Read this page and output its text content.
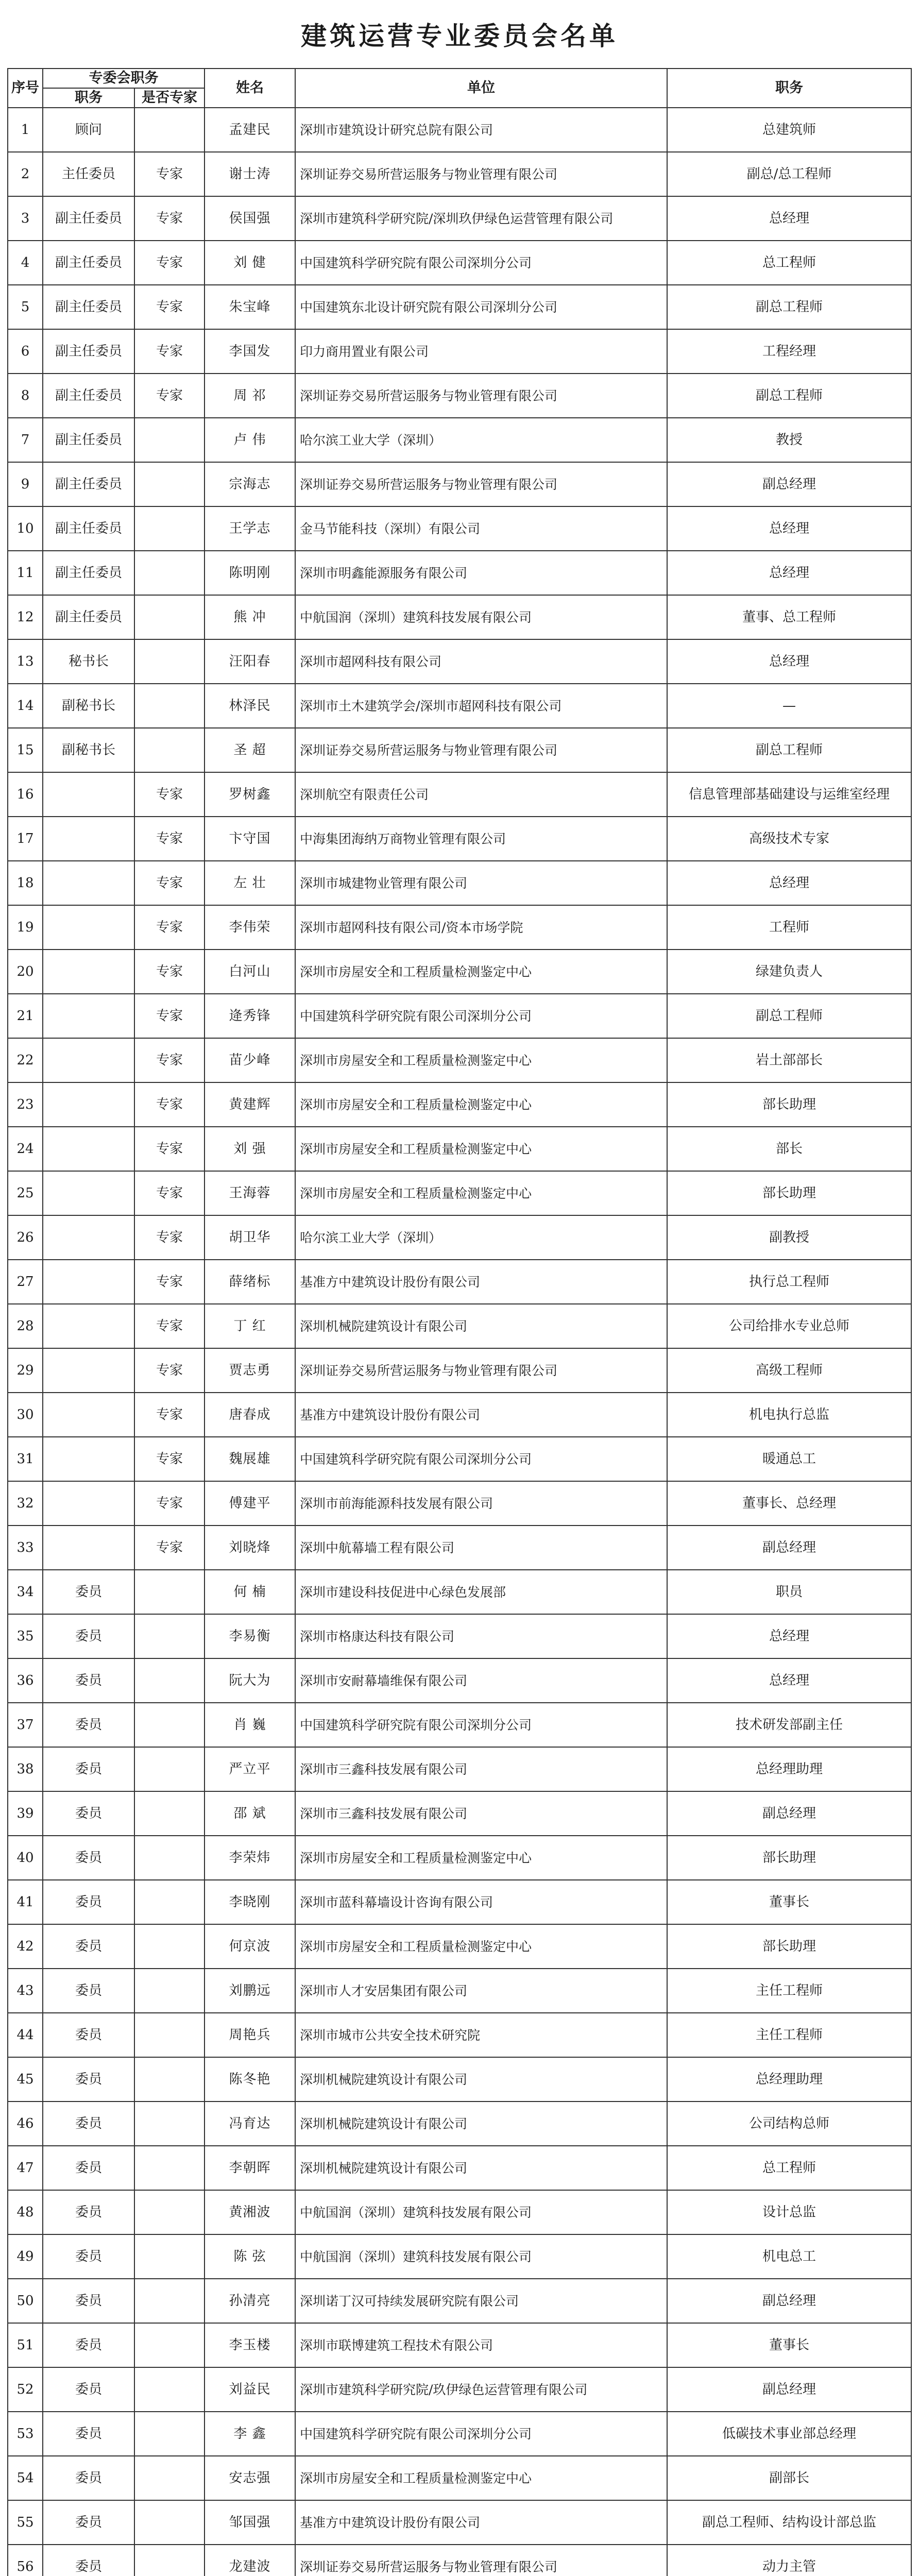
建筑运营专业委员会名单
序号	专委会职务		姓名	单位	职务
	职务	是否专家			
1	顾问		孟建民	深圳市建筑设计研究总院有限公司	总建筑师
2	主任委员	专家	谢士涛	深圳证券交易所营运服务与物业管理有限公司	副总/总工程师
3	副主任委员	专家	侯国强	深圳市建筑科学研究院/深圳玖伊绿色运营管理有限公司	总经理
4	副主任委员	专家	刘 健	中国建筑科学研究院有限公司深圳分公司	总工程师
5	副主任委员	专家	朱宝峰	中国建筑东北设计研究院有限公司深圳分公司	副总工程师
6	副主任委员	专家	李国发	印力商用置业有限公司	工程经理
8	副主任委员	专家	周 祁	深圳证券交易所营运服务与物业管理有限公司	副总工程师
7	副主任委员		卢 伟	哈尔滨工业大学（深圳）	教授
9	副主任委员		宗海志	深圳证券交易所营运服务与物业管理有限公司	副总经理
10	副主任委员		王学志	金马节能科技（深圳）有限公司	总经理
11	副主任委员		陈明刚	深圳市明鑫能源服务有限公司	总经理
12	副主任委员		熊 冲	中航国润（深圳）建筑科技发展有限公司	董事、总工程师
13	秘书长		汪阳春	深圳市超网科技有限公司	总经理
14	副秘书长		林泽民	深圳市土木建筑学会/深圳市超网科技有限公司	—
15	副秘书长		圣 超	深圳证券交易所营运服务与物业管理有限公司	副总工程师
16		专家	罗树鑫	深圳航空有限责任公司	信息管理部基础建设与运维室经理
17		专家	卞守国	中海集团海纳万商物业管理有限公司	高级技术专家
18		专家	左 壮	深圳市城建物业管理有限公司	总经理
19		专家	李伟荣	深圳市超网科技有限公司/资本市场学院	工程师
20		专家	白河山	深圳市房屋安全和工程质量检测鉴定中心	绿建负责人
21		专家	逄秀锋	中国建筑科学研究院有限公司深圳分公司	副总工程师
22		专家	苗少峰	深圳市房屋安全和工程质量检测鉴定中心	岩土部部长
23		专家	黄建辉	深圳市房屋安全和工程质量检测鉴定中心	部长助理
24		专家	刘 强	深圳市房屋安全和工程质量检测鉴定中心	部长
25		专家	王海蓉	深圳市房屋安全和工程质量检测鉴定中心	部长助理
26		专家	胡卫华	哈尔滨工业大学（深圳）	副教授
27		专家	薛绪标	基准方中建筑设计股份有限公司	执行总工程师
28		专家	丁 红	深圳机械院建筑设计有限公司	公司给排水专业总师
29		专家	贾志勇	深圳证券交易所营运服务与物业管理有限公司	高级工程师
30		专家	唐春成	基准方中建筑设计股份有限公司	机电执行总监
31		专家	魏展雄	中国建筑科学研究院有限公司深圳分公司	暖通总工
32		专家	傅建平	深圳市前海能源科技发展有限公司	董事长、总经理
33		专家	刘晓烽	深圳中航幕墙工程有限公司	副总经理
34	委员		何 楠	深圳市建设科技促进中心绿色发展部	职员
35	委员		李易衡	深圳市格康达科技有限公司	总经理
36	委员		阮大为	深圳市安耐幕墙维保有限公司	总经理
37	委员		肖 巍	中国建筑科学研究院有限公司深圳分公司	技术研发部副主任
38	委员		严立平	深圳市三鑫科技发展有限公司	总经理助理
39	委员		邵 斌	深圳市三鑫科技发展有限公司	副总经理
40	委员		李荣炜	深圳市房屋安全和工程质量检测鉴定中心	部长助理
41	委员		李晓刚	深圳市蓝科幕墙设计咨询有限公司	董事长
42	委员		何京波	深圳市房屋安全和工程质量检测鉴定中心	部长助理
43	委员		刘鹏远	深圳市人才安居集团有限公司	主任工程师
44	委员		周艳兵	深圳市城市公共安全技术研究院	主任工程师
45	委员		陈冬艳	深圳机械院建筑设计有限公司	总经理助理
46	委员		冯育达	深圳机械院建筑设计有限公司	公司结构总师
47	委员		李朝晖	深圳机械院建筑设计有限公司	总工程师
48	委员		黄湘波	中航国润（深圳）建筑科技发展有限公司	设计总监
49	委员		陈 弦	中航国润（深圳）建筑科技发展有限公司	机电总工
50	委员		孙清亮	深圳诺丁汉可持续发展研究院有限公司	副总经理
51	委员		李玉楼	深圳市联博建筑工程技术有限公司	董事长
52	委员		刘益民	深圳市建筑科学研究院/玖伊绿色运营管理有限公司	副总经理
53	委员		李 鑫	中国建筑科学研究院有限公司深圳分公司	低碳技术事业部总经理
54	委员		安志强	深圳市房屋安全和工程质量检测鉴定中心	副部长
55	委员		邹国强	基准方中建筑设计股份有限公司	副总工程师、结构设计部总监
56	委员		龙建波	深圳证券交易所营运服务与物业管理有限公司	动力主管
